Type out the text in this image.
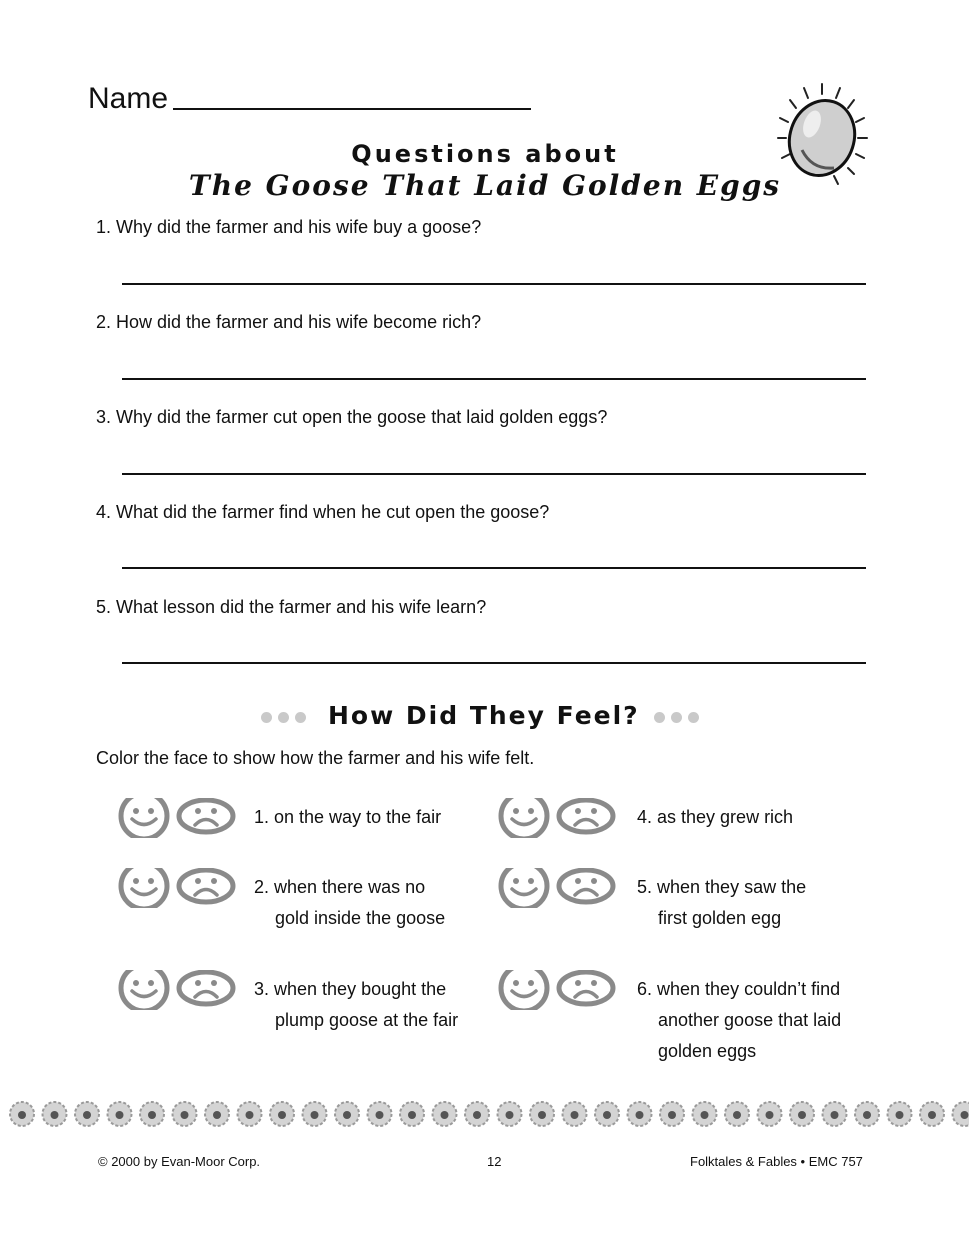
Name
Questions about
The Goose That Laid Golden Eggs
1. Why did the farmer and his wife buy a goose?
2. How did the farmer and his wife become rich?
3. Why did the farmer cut open the goose that laid golden eggs?
4. What did the farmer find when he cut open the goose?
5. What lesson did the farmer and his wife learn?
How Did They Feel?
Color the face to show how the farmer and his wife felt.
1. on the way to the fair
2. when there was no
gold inside the goose
3. when they bought the
plump goose at the fair
4. as they grew rich
5. when they saw the
first golden egg
6. when they couldn’t find
another goose that laid
golden eggs
© 2000 by Evan-Moor Corp.	12	Folktales & Fables • EMC 757
